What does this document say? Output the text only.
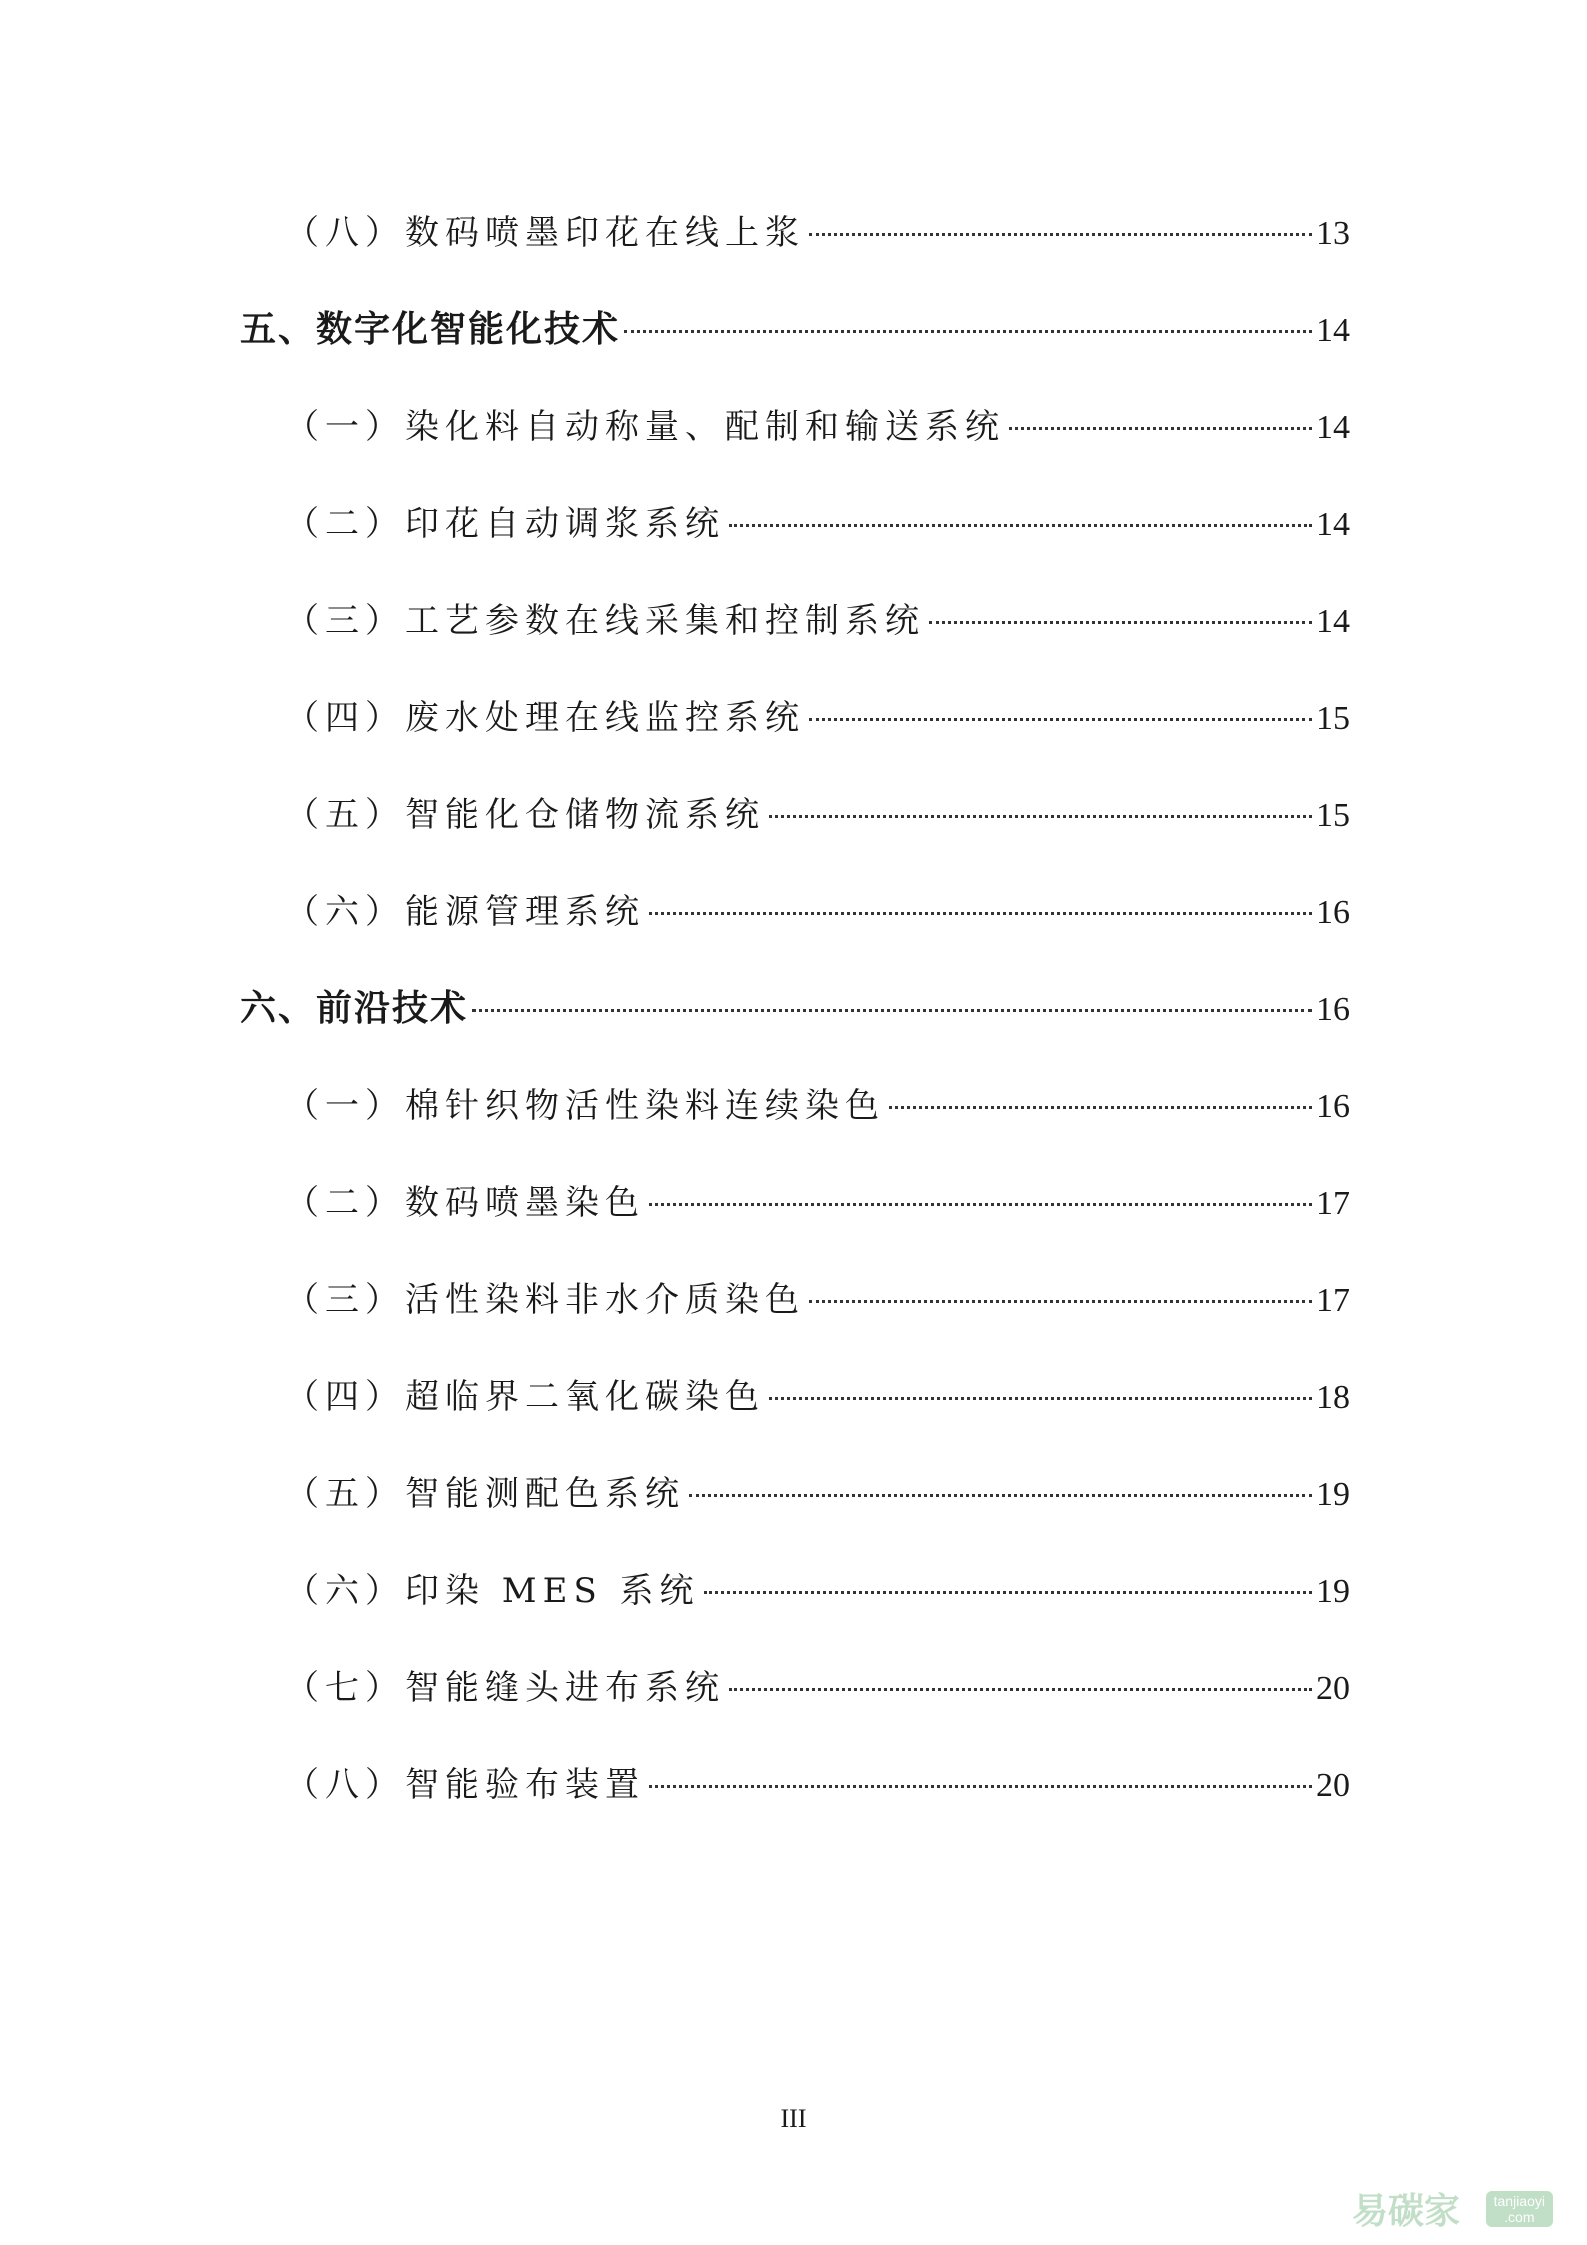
（八）数码喷墨印花在线上浆	13
五、数字化智能化技术	14
（一）染化料自动称量、配制和输送系统	14
（二）印花自动调浆系统	14
（三）工艺参数在线采集和控制系统	14
（四）废水处理在线监控系统	15
（五）智能化仓储物流系统	15
（六）能源管理系统	16
六、前沿技术	16
（一）棉针织物活性染料连续染色	16
（二）数码喷墨染色	17
（三）活性染料非水介质染色	17
（四）超临界二氧化碳染色	18
（五）智能测配色系统	19
（六）印染 MES 系统	19
（七）智能缝头进布系统	20
（八）智能验布装置	20
III
易碳家 tanjiaoyi
.com
